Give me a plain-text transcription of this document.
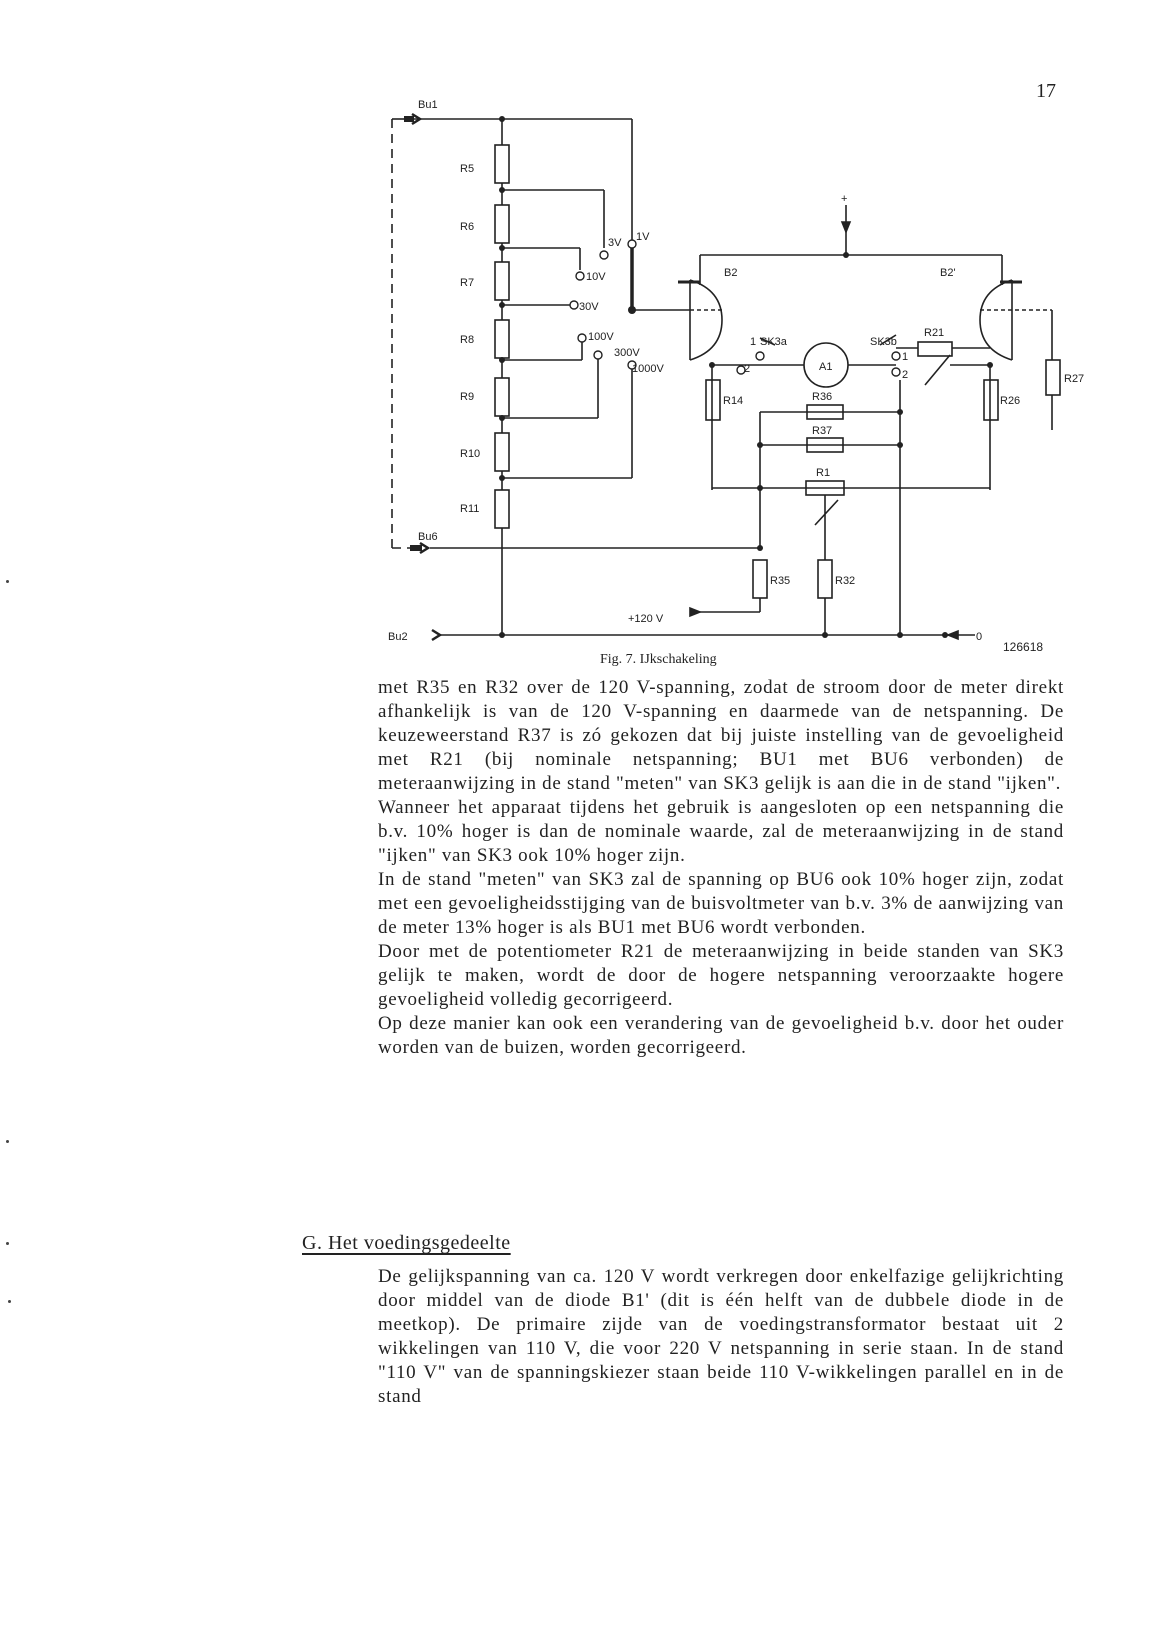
17
Bu1
Bu2
Bu6
R5
R6
R7
R8
R9
R10
R11
3V 1V
10V
30V
100V
300V
1000V
B2	B2'
+
SK3a	SK3b
1
2
1
2
A1
R21
R27
R14	R26
R36
R37
R1
R35	R32
+120 V
0
126618
Fig. 7. IJkschakeling

met R35 en R32 over de 120 V-spanning, zodat de stroom door de meter direkt afhankelijk is van de 120 V-spanning en daarmede van de netspanning. De keuzeweerstand R37 is zó gekozen dat bij juiste instelling van de gevoeligheid met R21 (bij nominale netspanning; BU1 met BU6 verbonden) de meteraanwijzing in de stand "meten" van SK3 gelijk is aan die in de stand "ijken".

Wanneer het apparaat tijdens het gebruik is aangesloten op een netspanning die b.v. 10% hoger is dan de nominale waarde, zal de meteraanwijzing in de stand "ijken" van SK3 ook 10% hoger zijn.

In de stand "meten" van SK3 zal de spanning op BU6 ook 10% hoger zijn, zodat met een gevoeligheidsstijging van de buisvoltmeter van b.v. 3% de aanwijzing van de meter 13% hoger is als BU1 met BU6 wordt verbonden.

Door met de potentiometer R21 de meteraanwijzing in beide standen van SK3 gelijk te maken, wordt de door de hogere netspanning veroorzaakte hogere gevoeligheid volledig gecorrigeerd.

Op deze manier kan ook een verandering van de gevoeligheid b.v. door het ouder worden van de buizen, worden gecorrigeerd.

G. Het voedingsgedeelte

De gelijkspanning van ca. 120 V wordt verkregen door enkelfazige gelijkrichting door middel van de diode B1' (dit is één helft van de dubbele diode in de meetkop). De primaire zijde van de voedingstransformator bestaat uit 2 wikkelingen van 110 V, die voor 220 V netspanning in serie staan. In de stand "110 V" van de spanningskiezer staan beide 110 V-wikkelingen parallel en in de stand
